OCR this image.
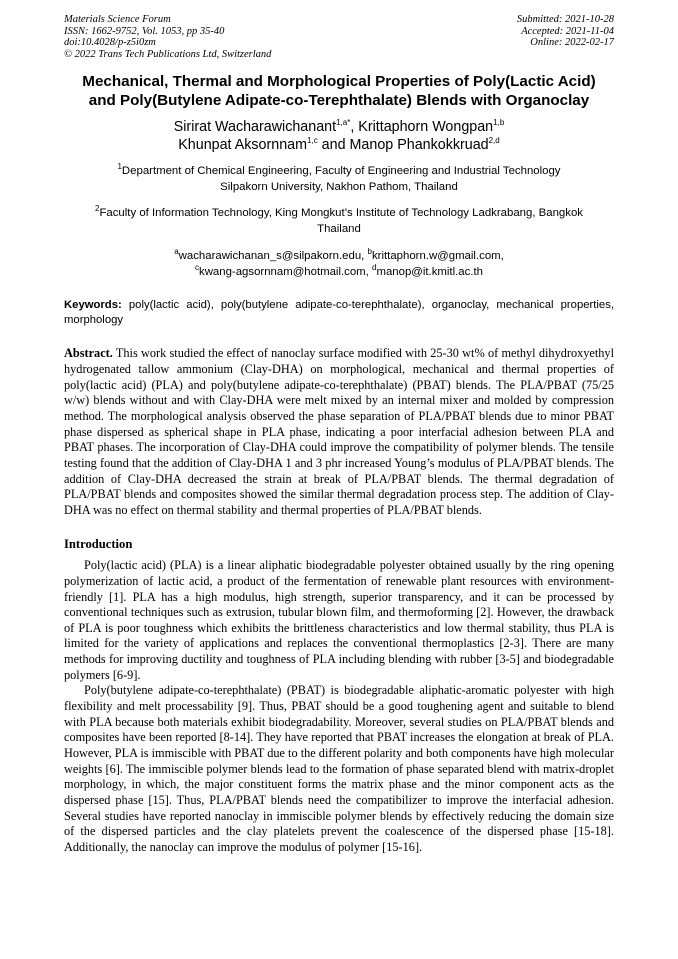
Materials Science Forum
ISSN: 1662-9752, Vol. 1053, pp 35-40
doi:10.4028/p-z5i0zm
© 2022 Trans Tech Publications Ltd, Switzerland
Submitted: 2021-10-28
Accepted: 2021-11-04
Online: 2022-02-17
Mechanical, Thermal and Morphological Properties of Poly(Lactic Acid)
and Poly(Butylene Adipate-co-Terephthalate) Blends with Organoclay
Sirirat Wacharawichanant$^{1,a*}$, Krittaphorn Wongpan$^{1,b}$
Khunpat Aksornnam$^{1,c}$ and Manop Phankokkruad$^{2,d}$
$^1$Department of Chemical Engineering, Faculty of Engineering and Industrial Technology
Silpakorn University, Nakhon Pathom, Thailand
$^2$Faculty of Information Technology, King Mongkut’s Institute of Technology Ladkrabang, Bangkok
Thailand
$^a$wacharawichanan_s@silpakorn.edu, $^b$krittaphorn.w@gmail.com,
$^c$kwang-agsornnam@hotmail.com, $^d$manop@it.kmitl.ac.th
Keywords: poly(lactic acid), poly(butylene adipate-co-terephthalate), organoclay, mechanical properties, morphology
Abstract. This work studied the effect of nanoclay surface modified with 25-30 wt% of methyl dihydroxyethyl hydrogenated tallow ammonium (Clay-DHA) on morphological, mechanical and thermal properties of poly(lactic acid) (PLA) and poly(butylene adipate-co-terephthalate) (PBAT) blends. The PLA/PBAT (75/25 w/w) blends without and with Clay-DHA were melt mixed by an internal mixer and molded by compression method. The morphological analysis observed the phase separation of PLA/PBAT blends due to minor PBAT phase dispersed as spherical shape in PLA phase, indicating a poor interfacial adhesion between PLA and PBAT phases. The incorporation of Clay-DHA could improve the compatibility of polymer blends. The tensile testing found that the addition of Clay-DHA 1 and 3 phr increased Young’s modulus of PLA/PBAT blends. The addition of Clay-DHA decreased the strain at break of PLA/PBAT blends. The thermal degradation of PLA/PBAT blends and composites showed the similar thermal degradation process step. The addition of Clay-DHA was no effect on thermal stability and thermal properties of PLA/PBAT blends.
Introduction

Poly(lactic acid) (PLA) is a linear aliphatic biodegradable polyester obtained usually by the ring opening polymerization of lactic acid, a product of the fermentation of renewable plant resources with environment-friendly [1]. PLA has a high modulus, high strength, superior transparency, and it can be processed by conventional techniques such as extrusion, tubular blown film, and thermoforming [2]. However, the drawback of PLA is poor toughness which exhibits the brittleness characteristics and low thermal stability, thus PLA is limited for the variety of applications and replaces the conventional thermoplastics [2-3]. There are many methods for improving ductility and toughness of PLA including blending with rubber [3-5] and biodegradable polymers [6-9].

Poly(butylene adipate-co-terephthalate) (PBAT) is biodegradable aliphatic-aromatic polyester with high flexibility and melt processability [9]. Thus, PBAT should be a good toughening agent and suitable to blend with PLA because both materials exhibit biodegradability. Moreover, several studies on PLA/PBAT blends and composites have been reported [8-14]. They have reported that PBAT increases the elongation at break of PLA. However, PLA is immiscible with PBAT due to the different polarity and both components have high molecular weights [6]. The immiscible polymer blends lead to the formation of phase separated blend with matrix-droplet morphology, in which, the major constituent forms the matrix phase and the minor component acts as the dispersed phase [15]. Thus, PLA/PBAT blends need the compatibilizer to improve the interfacial adhesion. Several studies have reported nanoclay in immiscible polymer blends by effectively reducing the domain size of the dispersed particles and the clay platelets prevent the coalescence of the dispersed phase [15-18]. Additionally, the nanoclay can improve the modulus of polymer [15-16].
